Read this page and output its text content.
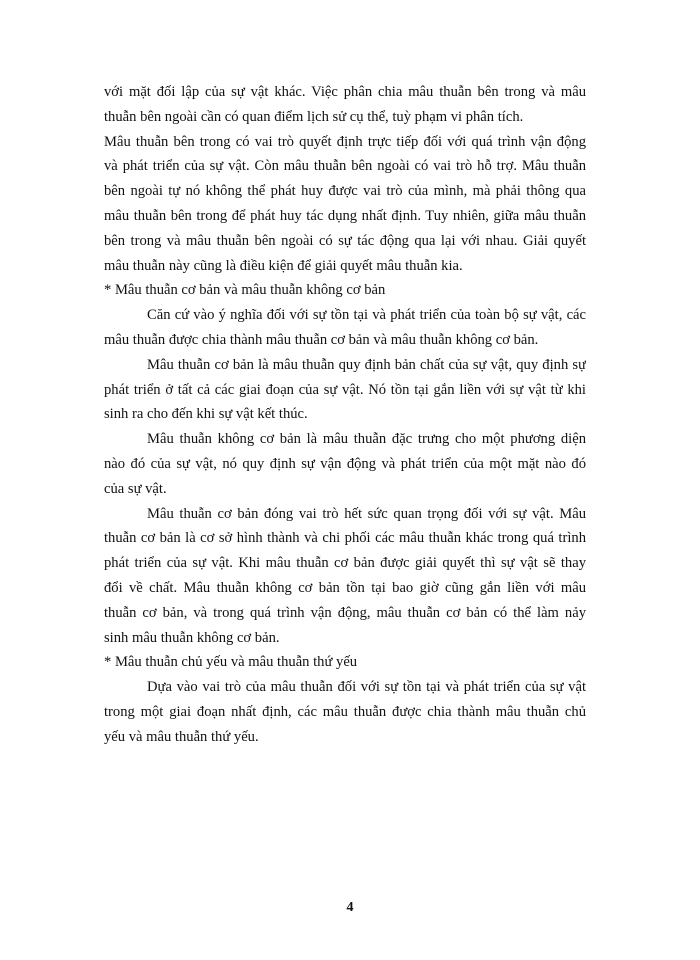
với mặt đối lập của sự vật khác. Việc phân chia mâu thuẫn bên trong và mâu
thuẫn bên ngoài cần có quan điểm lịch sử cụ thể, tuỳ phạm vi phân tích.
Mâu thuẫn bên trong có vai trò quyết định trực tiếp đối với quá trình vận động
và phát triển của sự vật. Còn mâu thuẫn bên ngoài có vai trò hỗ trợ. Mâu thuẫn
bên ngoài tự nó không thể phát huy được vai trò của mình, mà phải thông qua
mâu thuẫn bên trong để phát huy tác dụng nhất định. Tuy nhiên, giữa mâu thuẫn
bên trong và mâu thuẫn bên ngoài có sự tác động qua lại với nhau. Giải quyết
mâu thuẫn này cũng là điều kiện để giải quyết mâu thuẫn kia.
* Mâu thuẫn cơ bản và mâu thuẫn không cơ bản
Căn cứ vào ý nghĩa đối với sự tồn tại và phát triển của toàn bộ sự vật, các
mâu thuẫn được chia thành mâu thuẫn cơ bản và mâu thuẫn không cơ bản.
Mâu thuẫn cơ bản là mâu thuẫn quy định bản chất của sự vật, quy định sự
phát triển ở tất cả các giai đoạn của sự vật. Nó tồn tại gắn liền với sự vật từ khi
sinh ra cho đến khi sự vật kết thúc.
Mâu thuẫn không cơ bản là mâu thuẫn đặc trưng cho một phương diện
nào đó của sự vật, nó quy định sự vận động và phát triển của một mặt nào đó
của sự vật.
Mâu thuẫn cơ bản đóng vai trò hết sức quan trọng đối với sự vật. Mâu
thuẫn cơ bản là cơ sở hình thành và chi phối các mâu thuẫn khác trong quá trình
phát triển của sự vật. Khi mâu thuẫn cơ bản được giải quyết thì sự vật sẽ thay
đổi về chất. Mâu thuẫn không cơ bản tồn tại bao giờ cũng gắn liền với mâu
thuẫn cơ bản, và trong quá trình vận động, mâu thuẫn cơ bản có thể làm nảy
sinh mâu thuẫn không cơ bản.
* Mâu thuẫn chủ yếu và mâu thuẫn thứ yếu
Dựa vào vai trò của mâu thuẫn đối với sự tồn tại và phát triển của sự vật
trong một giai đoạn nhất định, các mâu thuẫn được chia thành mâu thuẫn chủ
yếu và mâu thuẫn thứ yếu.
4
